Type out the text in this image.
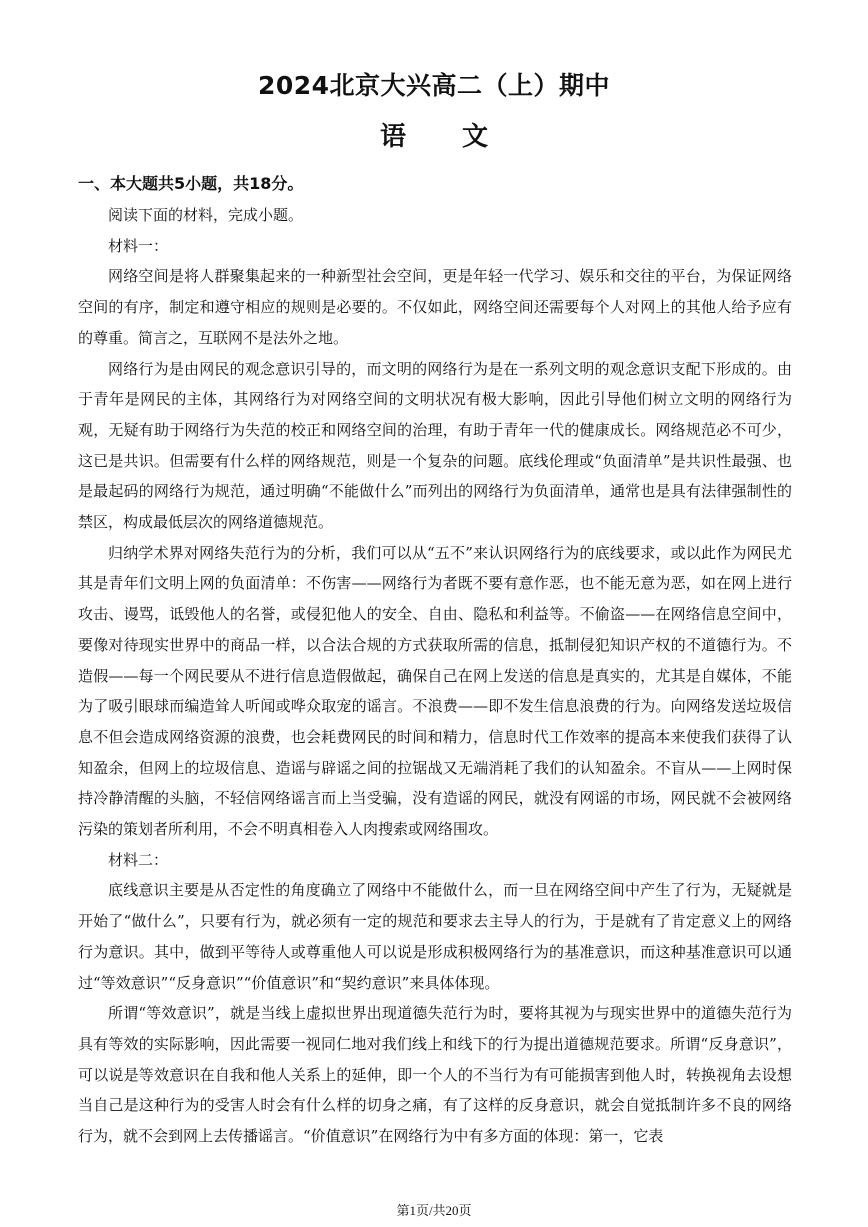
2024北京大兴高二（上）期中
语 文
一、本大题共5小题，共18分。

阅读下面的材料，完成小题。

材料一：

网络空间是将人群聚集起来的一种新型社会空间，更是年轻一代学习、娱乐和交往的平台，为保证网络空间的有序，制定和遵守相应的规则是必要的。不仅如此，网络空间还需要每个人对网上的其他人给予应有的尊重。简言之，互联网不是法外之地。

网络行为是由网民的观念意识引导的，而文明的网络行为是在一系列文明的观念意识支配下形成的。由于青年是网民的主体，其网络行为对网络空间的文明状况有极大影响，因此引导他们树立文明的网络行为观，无疑有助于网络行为失范的校正和网络空间的治理，有助于青年一代的健康成长。网络规范必不可少，这已是共识。但需要有什么样的网络规范，则是一个复杂的问题。底线伦理或“负面清单”是共识性最强、也是最起码的网络行为规范，通过明确“不能做什么”而列出的网络行为负面清单，通常也是具有法律强制性的禁区，构成最低层次的网络道德规范。

归纳学术界对网络失范行为的分析，我们可以从“五不”来认识网络行为的底线要求，或以此作为网民尤其是青年们文明上网的负面清单：不伤害——网络行为者既不要有意作恶，也不能无意为恶，如在网上进行攻击、谩骂，诋毁他人的名誉，或侵犯他人的安全、自由、隐私和利益等。不偷盗——在网络信息空间中，要像对待现实世界中的商品一样，以合法合规的方式获取所需的信息，抵制侵犯知识产权的不道德行为。不造假——每一个网民要从不进行信息造假做起，确保自己在网上发送的信息是真实的，尤其是自媒体，不能为了吸引眼球而编造耸人听闻或哗众取宠的谣言。不浪费——即不发生信息浪费的行为。向网络发送垃圾信息不但会造成网络资源的浪费，也会耗费网民的时间和精力，信息时代工作效率的提高本来使我们获得了认知盈余，但网上的垃圾信息、造谣与辟谣之间的拉锯战又无端消耗了我们的认知盈余。不盲从——上网时保持冷静清醒的头脑，不轻信网络谣言而上当受骗，没有造谣的网民，就没有网谣的市场，网民就不会被网络污染的策划者所利用，不会不明真相卷入人肉搜索或网络围攻。

材料二：

底线意识主要是从否定性的角度确立了网络中不能做什么，而一旦在网络空间中产生了行为，无疑就是开始了“做什么”，只要有行为，就必须有一定的规范和要求去主导人的行为，于是就有了肯定意义上的网络行为意识。其中，做到平等待人或尊重他人可以说是形成积极网络行为的基准意识，而这种基准意识可以通过“等效意识”“反身意识”“价值意识”和“契约意识”来具体体现。

所谓“等效意识”，就是当线上虚拟世界出现道德失范行为时，要将其视为与现实世界中的道德失范行为具有等效的实际影响，因此需要一视同仁地对我们线上和线下的行为提出道德规范要求。所谓“反身意识”，可以说是等效意识在自我和他人关系上的延伸，即一个人的不当行为有可能损害到他人时，转换视角去设想当自己是这种行为的受害人时会有什么样的切身之痛，有了这样的反身意识，就会自觉抵制许多不良的网络行为，就不会到网上去传播谣言。“价值意识”在网络行为中有多方面的体现：第一，它表

第1页/共20页
